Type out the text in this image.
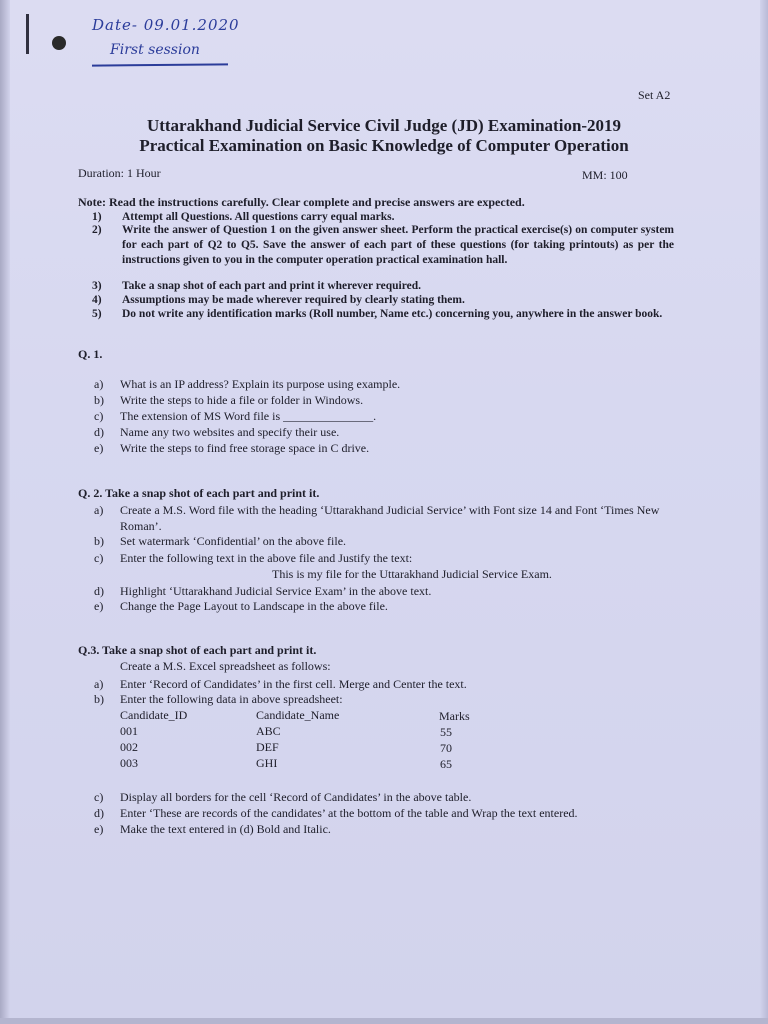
Date- 09.01.2020
First session
Set A2
Uttarakhand Judicial Service Civil Judge (JD) Examination-2019
Practical Examination on Basic Knowledge of Computer Operation
Duration: 1 Hour	MM: 100
Note: Read the instructions carefully. Clear complete and precise answers are expected.
1)	Attempt all Questions. All questions carry equal marks.
2)	Write the answer of Question 1 on the given answer sheet. Perform the practical exercise(s) on computer system for each part of Q2 to Q5. Save the answer of each part of these questions (for taking printouts) as per the instructions given to you in the computer operation practical examination hall.
3)	Take a snap shot of each part and print it wherever required.
4)	Assumptions may be made wherever required by clearly stating them.
5)	Do not write any identification marks (Roll number, Name etc.) concerning you, anywhere in the answer book.
Q. 1.
a) What is an IP address? Explain its purpose using example.
b) Write the steps to hide a file or folder in Windows.
c) The extension of MS Word file is _______________.
d) Name any two websites and specify their use.
e) Write the steps to find free storage space in C drive.
Q. 2. Take a snap shot of each part and print it.
a) Create a M.S. Word file with the heading ‘Uttarakhand Judicial Service’ with Font size 14 and Font ‘Times New Roman’.
b) Set watermark ‘Confidential’ on the above file.
c) Enter the following text in the above file and Justify the text:
This is my file for the Uttarakhand Judicial Service Exam.
d) Highlight ‘Uttarakhand Judicial Service Exam’ in the above text.
e) Change the Page Layout to Landscape in the above file.
Q.3. Take a snap shot of each part and print it.
Create a M.S. Excel spreadsheet as follows:
a) Enter ‘Record of Candidates’ in the first cell. Merge and Center the text.
b) Enter the following data in above spreadsheet:
Candidate_ID	Candidate_Name	Marks
001	ABC	55
002	DEF	70
003	GHI	65
c) Display all borders for the cell ‘Record of Candidates’ in the above table.
d) Enter ‘These are records of the candidates’ at the bottom of the table and Wrap the text entered.
e) Make the text entered in (d) Bold and Italic.
